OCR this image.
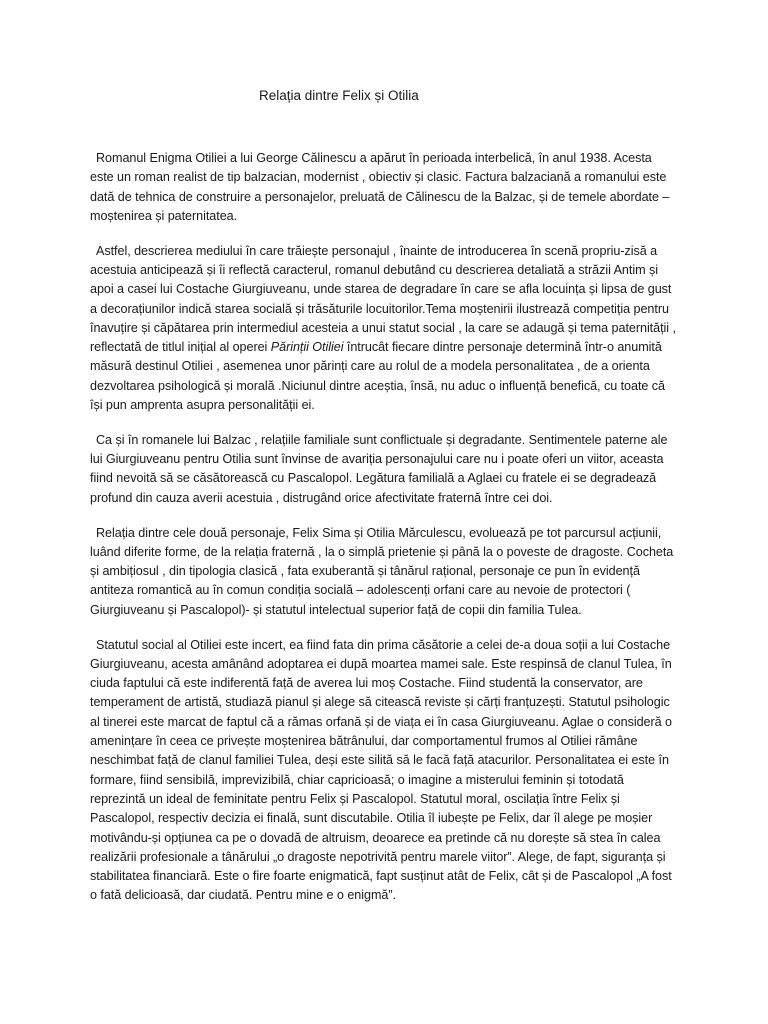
Relația dintre Felix și Otilia

Romanul Enigma Otiliei a lui George Călinescu a apărut în perioada interbelică, în anul 1938. Acesta este un roman realist de tip balzacian, modernist , obiectiv și clasic. Factura balzaciană a romanului este dată de tehnica de construire a personajelor, preluată de Călinescu de la Balzac, și de temele abordate – moștenirea și paternitatea.

Astfel, descrierea mediului în care trăiește personajul , înainte de introducerea în scenă propriu-zisă a acestuia anticipează și îi reflectă caracterul, romanul debutând cu descrierea detaliată a străzii Antim și apoi a casei lui Costache Giurgiuveanu, unde starea de degradare în care se afla locuința și lipsa de gust a decorațiunilor indică starea socială și trăsăturile locuitorilor.Tema moștenirii ilustrează competiția pentru înavuțire și căpătarea prin intermediul acesteia a unui statut social , la care se adaugă și tema paternității , reflectată de titlul inițial al operei Părinții Otiliei întrucât fiecare dintre personaje determină într-o anumită măsură destinul Otiliei , asemenea unor părinți care au rolul de a modela personalitatea , de a orienta dezvoltarea psihologică și morală .Niciunul dintre aceștia, însă, nu aduc o influență benefică, cu toate că își pun amprenta asupra personalității ei.

Ca și în romanele lui Balzac , relațiile familiale sunt conflictuale și degradante. Sentimentele paterne ale lui Giurgiuveanu pentru Otilia sunt învinse de avariția personajului care nu i poate oferi un viitor, aceasta fiind nevoită să se căsătorească cu Pascalopol. Legătura familială a Aglaei cu fratele ei se degradează profund din cauza averii acestuia , distrugând orice afectivitate fraternă între cei doi.

Relația dintre cele două personaje, Felix Sima și Otilia Mărculescu, evoluează pe tot parcursul acțiunii, luând diferite forme, de la relația fraternă , la o simplă prietenie și până la o poveste de dragoste. Cocheta și ambițiosul , din tipologia clasică , fata exuberantă și tânărul rațional, personaje ce pun în evidență antiteza romantică au în comun condiția socială – adolescenți orfani care au nevoie de protectori ( Giurgiuveanu și Pascalopol)- și statutul intelectual superior față de copii din familia Tulea.

Statutul social al Otiliei este incert, ea fiind fata din prima căsătorie a celei de-a doua soții a lui Costache Giurgiuveanu, acesta amânând adoptarea ei după moartea mamei sale. Este respinsă de clanul Tulea, în ciuda faptului că este indiferentă față de averea lui moș Costache. Fiind studentă la conservator, are temperament de artistă, studiază pianul și alege să citească reviste și cărți franțuzești. Statutul psihologic al tinerei este marcat de faptul că a rămas orfană și de viața ei în casa Giurgiuveanu. Aglae o consideră o amenințare în ceea ce privește moștenirea bătrânului, dar comportamentul frumos al Otiliei rămâne neschimbat față de clanul familiei Tulea, deși este silită să le facă față atacurilor. Personalitatea ei este în formare, fiind sensibilă, imprevizibilă, chiar capricioasă; o imagine a misterului feminin și totodată reprezintă un ideal de feminitate pentru Felix și Pascalopol. Statutul moral, oscilația între Felix și Pascalopol, respectiv decizia ei finală, sunt discutabile. Otilia îl iubește pe Felix, dar îl alege pe moșier motivându-și opțiunea ca pe o dovadă de altruism, deoarece ea pretinde că nu dorește să stea în calea realizării profesionale a tânărului „o dragoste nepotrivită pentru marele viitor”. Alege, de fapt, siguranța și stabilitatea financiară. Este o fire foarte enigmatică, fapt susținut atât de Felix, cât și de Pascalopol „A fost o fată delicioasă, dar ciudată. Pentru mine e o enigmă”.
